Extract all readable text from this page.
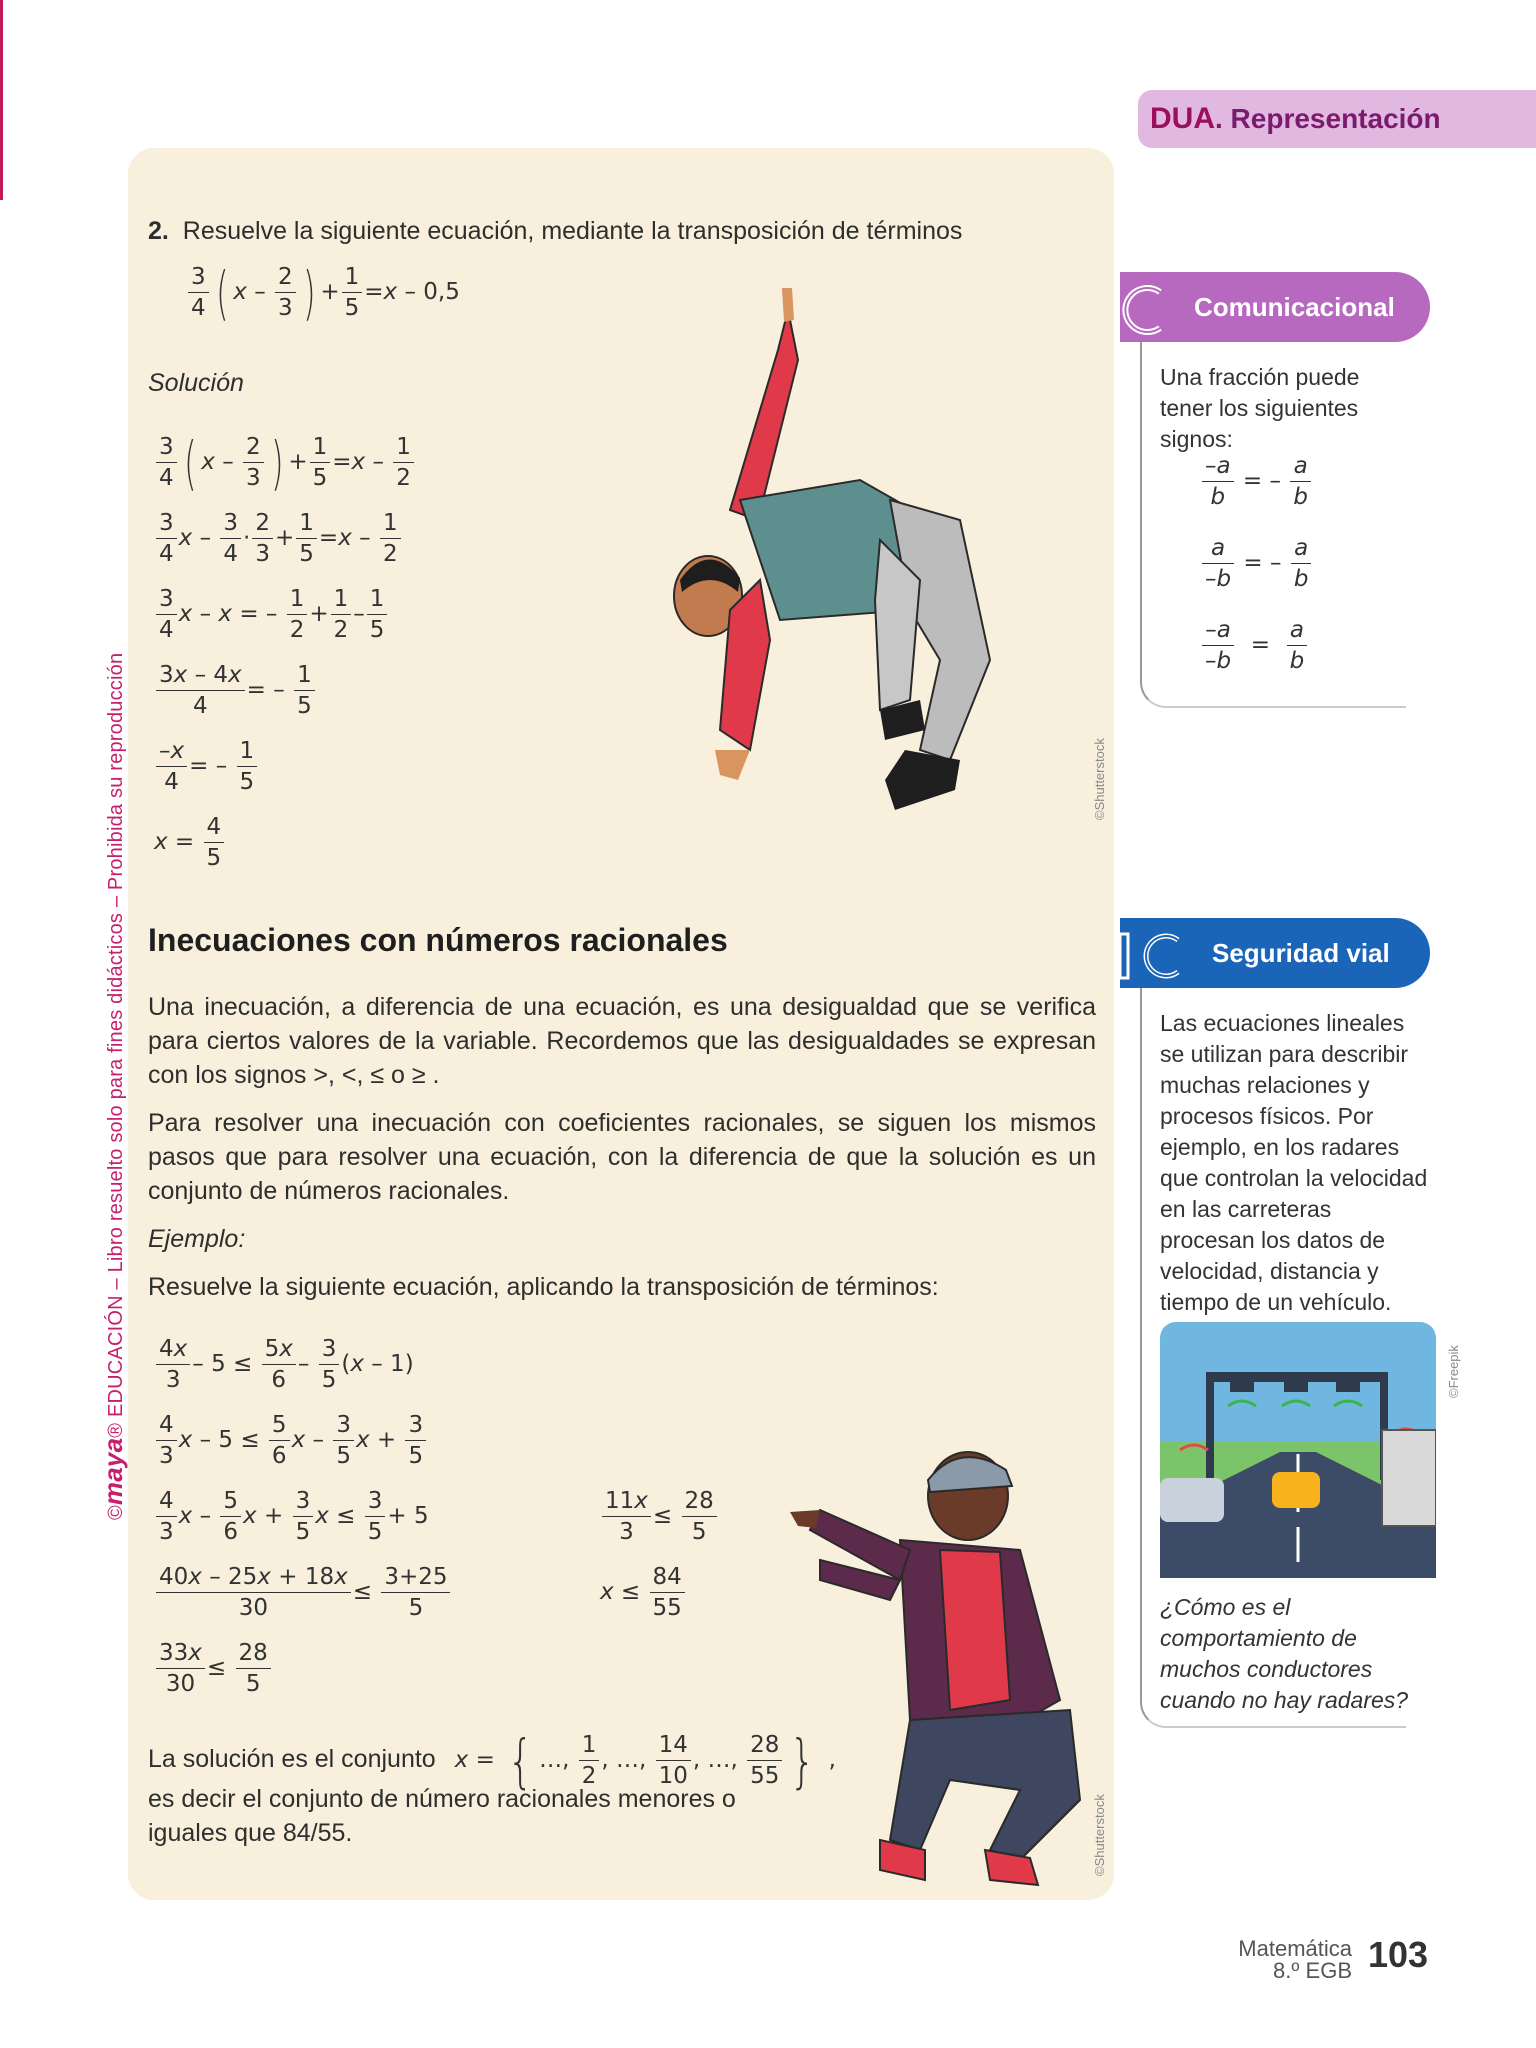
©maya® EDUCACIÓN – Libro resuelto solo para fines didácticos – Prohibida su reproducción
DUA. Representación
2. Resuelve la siguiente ecuación, mediante la transposición de términos
$\frac{3}{4}$ ( x – $\frac{2}{3}$ ) + $\frac{1}{5} =x - 0,5$
Solución
$\frac{3}{4}$ ( x – $\frac{2}{3}$ ) + $\frac{1}{5} =x - \frac{1}{2}$
$\frac{3}{4}$ $x - \frac{3}{4} \cdot \frac{2}{3} + \frac{1}{5} =x - \frac{1}{2}$
$\frac{3}{4}$ x – x = – $\frac{1}{2} + \frac{1}{2} - \frac{1}{5}$
$\frac{3x - 4x}{4}$ = – $\frac{1}{5}$
$\frac{-x}{4}$ = – $\frac{1}{5}$
$x = \frac{4}{5}$
©Shutterstock
Inecuaciones con números racionales
Una inecuación, a diferencia de una ecuación, es una desigualdad que se verifica para ciertos valores de la variable. Recordemos que las desigualdades se expresan con los signos >, <, ≤ o ≥ .
Para resolver una inecuación con coeficientes racionales, se siguen los mismos pasos que para resolver una ecuación, con la diferencia de que la solución es un conjunto de números racionales.
Ejemplo:
Resuelve la siguiente ecuación, aplicando la transposición de términos:
$\frac{4x}{3} - 5 \le \frac{5x}{6} - \frac{3}{5} (x - 1)$
$\frac{4}{3}$ $x - 5 \le \frac{5}{6}$ x – $\frac{3}{5}$ $x + \frac{3}{5}$
$\frac{4}{3}$ x – $\frac{5}{6}$ $x + \frac{3}{5}$ $x \le \frac{3}{5} + 5$
$\frac{40x - 25x + 18x}{30} \le \frac{3+25}{5}$
$\frac{33x}{30} \le \frac{28}{5}$
$\frac{11x}{3} \le \frac{28}{5}$
$x \le \frac{84}{55}$
La solución es el conjunto x = { …, $\frac{1}{2}$ , …, $\frac{14}{10}$ , …, $\frac{28}{55}$ } ,
es decir el conjunto de número racionales menores o iguales que 84/55.	©Shutterstock
Comunicacional
Una fracción puede tener los siguientes signos:
$\frac{-a}{b}$ = – $\frac{a}{b}$
$\frac{a}{-b}$ = – $\frac{a}{b}$
$\frac{-a}{-b} = \frac{a}{b}$
Seguridad vial
Las ecuaciones lineales se utilizan para describir muchas relaciones y procesos físicos. Por ejemplo, en los radares que controlan la velocidad en las carreteras procesan los datos de velocidad, distancia y tiempo de un vehículo.
©Freepik
¿Cómo es el comportamiento de muchos conductores cuando no hay radares?
Matemática
8.º EGB 103
